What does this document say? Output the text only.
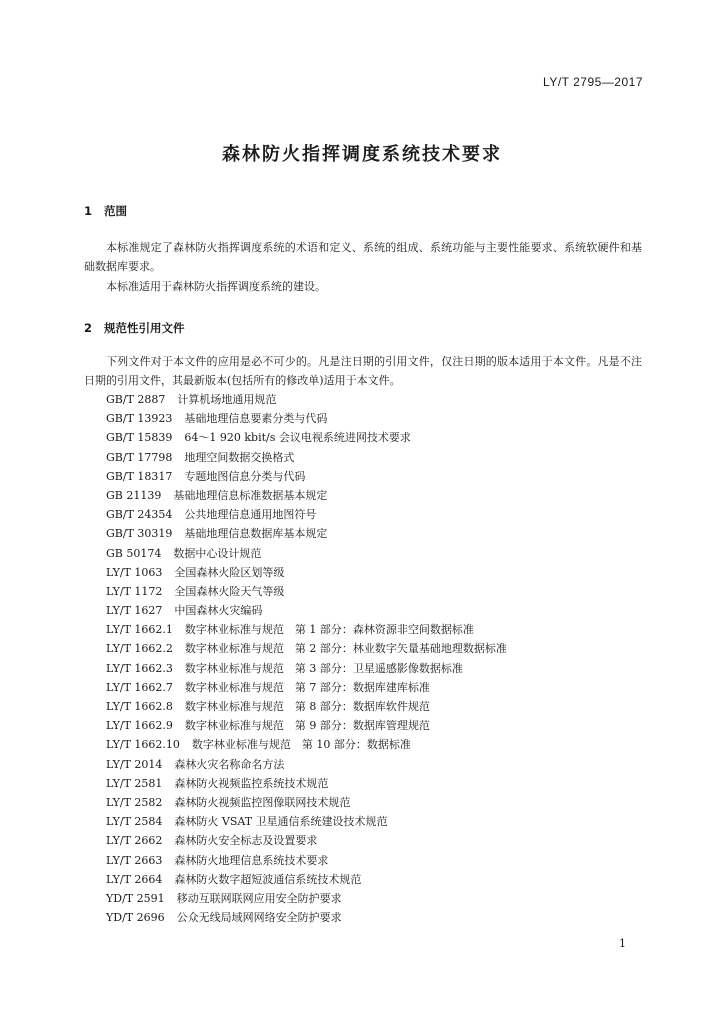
LY/T 2795—2017
森林防火指挥调度系统技术要求
1 范围

本标准规定了森林防火指挥调度系统的术语和定义、系统的组成、系统功能与主要性能要求、系统软硬件和基础数据库要求。

本标准适用于森林防火指挥调度系统的建设。

2 规范性引用文件

下列文件对于本文件的应用是必不可少的。凡是注日期的引用文件，仅注日期的版本适用于本文件。凡是不注日期的引用文件，其最新版本(包括所有的修改单)适用于本文件。

GB/T 2887 计算机场地通用规范
GB/T 13923 基础地理信息要素分类与代码
GB/T 15839 64～1 920 kbit/s 会议电视系统进网技术要求
GB/T 17798 地理空间数据交换格式
GB/T 18317 专题地图信息分类与代码
GB 21139 基础地理信息标准数据基本规定
GB/T 24354 公共地理信息通用地图符号
GB/T 30319 基础地理信息数据库基本规定
GB 50174 数据中心设计规范
LY/T 1063 全国森林火险区划等级
LY/T 1172 全国森林火险天气等级
LY/T 1627 中国森林火灾编码
LY/T 1662.1 数字林业标准与规范　第 1 部分：森林资源非空间数据标准
LY/T 1662.2 数字林业标准与规范　第 2 部分：林业数字矢量基础地理数据标准
LY/T 1662.3 数字林业标准与规范　第 3 部分：卫星遥感影像数据标准
LY/T 1662.7 数字林业标准与规范　第 7 部分：数据库建库标准
LY/T 1662.8 数字林业标准与规范　第 8 部分：数据库软件规范
LY/T 1662.9 数字林业标准与规范　第 9 部分：数据库管理规范
LY/T 1662.10 数字林业标准与规范　第 10 部分：数据标准
LY/T 2014 森林火灾名称命名方法
LY/T 2581 森林防火视频监控系统技术规范
LY/T 2582 森林防火视频监控图像联网技术规范
LY/T 2584 森林防火 VSAT 卫星通信系统建设技术规范
LY/T 2662 森林防火安全标志及设置要求
LY/T 2663 森林防火地理信息系统技术要求
LY/T 2664 森林防火数字超短波通信系统技术规范
YD/T 2591 移动互联网联网应用安全防护要求
YD/T 2696 公众无线局域网网络安全防护要求
1
